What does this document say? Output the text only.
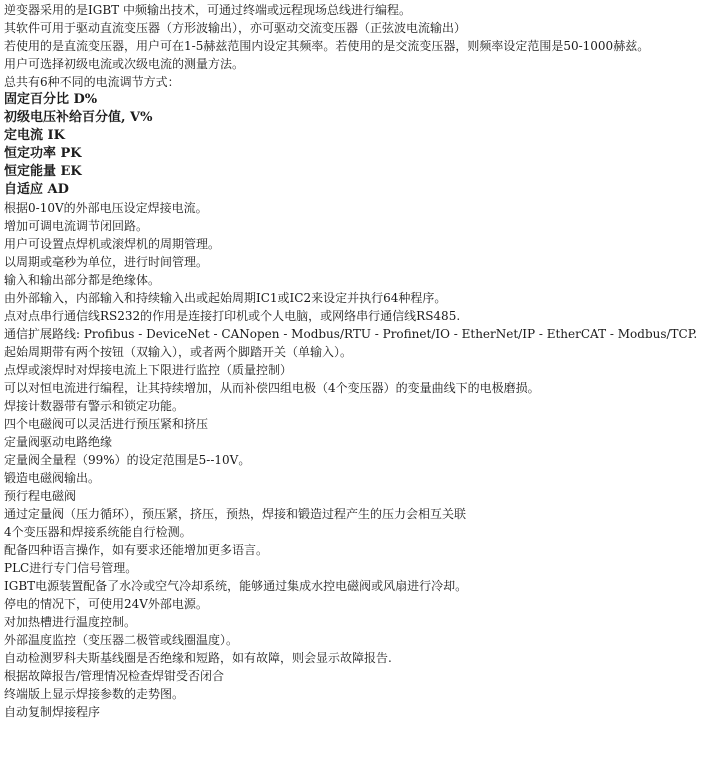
逆变器采用的是IGBT 中频输出技术，可通过终端或远程现场总线进行编程。
其软件可用于驱动直流变压器（方形波输出），亦可驱动交流变压器（正弦波电流输出）
若使用的是直流变压器，用户可在1-5赫兹范围内设定其频率。若使用的是交流变压器，则频率设定范围是50-1000赫兹。
用户可选择初级电流或次级电流的测量方法。
总共有6种不同的电流调节方式：
固定百分比 D%
初级电压补给百分值, V%
定电流 IK
恒定功率 PK
恒定能量 EK
自适应 AD
根据0-10V的外部电压设定焊接电流。
增加可调电流调节闭回路。
用户可设置点焊机或滚焊机的周期管理。
以周期或毫秒为单位，进行时间管理。
输入和输出部分都是绝缘体。
由外部输入，内部输入和持续输入出或起始周期IC1或IC2来设定并执行64种程序。
点对点串行通信线RS232的作用是连接打印机或个人电脑，或网络串行通信线RS485.
通信扩展路线: Profibus - DeviceNet - CANopen - Modbus/RTU - Profinet/IO - EtherNet/IP - EtherCAT - Modbus/TCP.
起始周期带有两个按钮（双输入），或者两个脚踏开关（单输入）。
点焊或滚焊时对焊接电流上下限进行监控（质量控制）
可以对恒电流进行编程，让其持续增加，从而补偿四组电极（4个变压器）的变量曲线下的电极磨损。
焊接计数器带有警示和锁定功能。
四个电磁阀可以灵活进行预压紧和挤压
定量阀驱动电路绝缘
定量阀全量程（99%）的设定范围是5--10V。
锻造电磁阀输出。
预行程电磁阀
通过定量阀（压力循环），预压紧，挤压，预热，焊接和锻造过程产生的压力会相互关联
4个变压器和焊接系统能自行检测。
配备四种语言操作，如有要求还能增加更多语言。
PLC进行专门信号管理。
IGBT电源装置配备了水冷或空气冷却系统，能够通过集成水控电磁阀或风扇进行冷却。
停电的情况下，可使用24V外部电源。
对加热槽进行温度控制。
外部温度监控（变压器二极管或线圈温度）。
自动检测罗科夫斯基线圈是否绝缘和短路，如有故障，则会显示故障报告.
根据故障报告/管理情况检查焊钳受否闭合
终端版上显示焊接参数的走势图。
自动复制焊接程序
